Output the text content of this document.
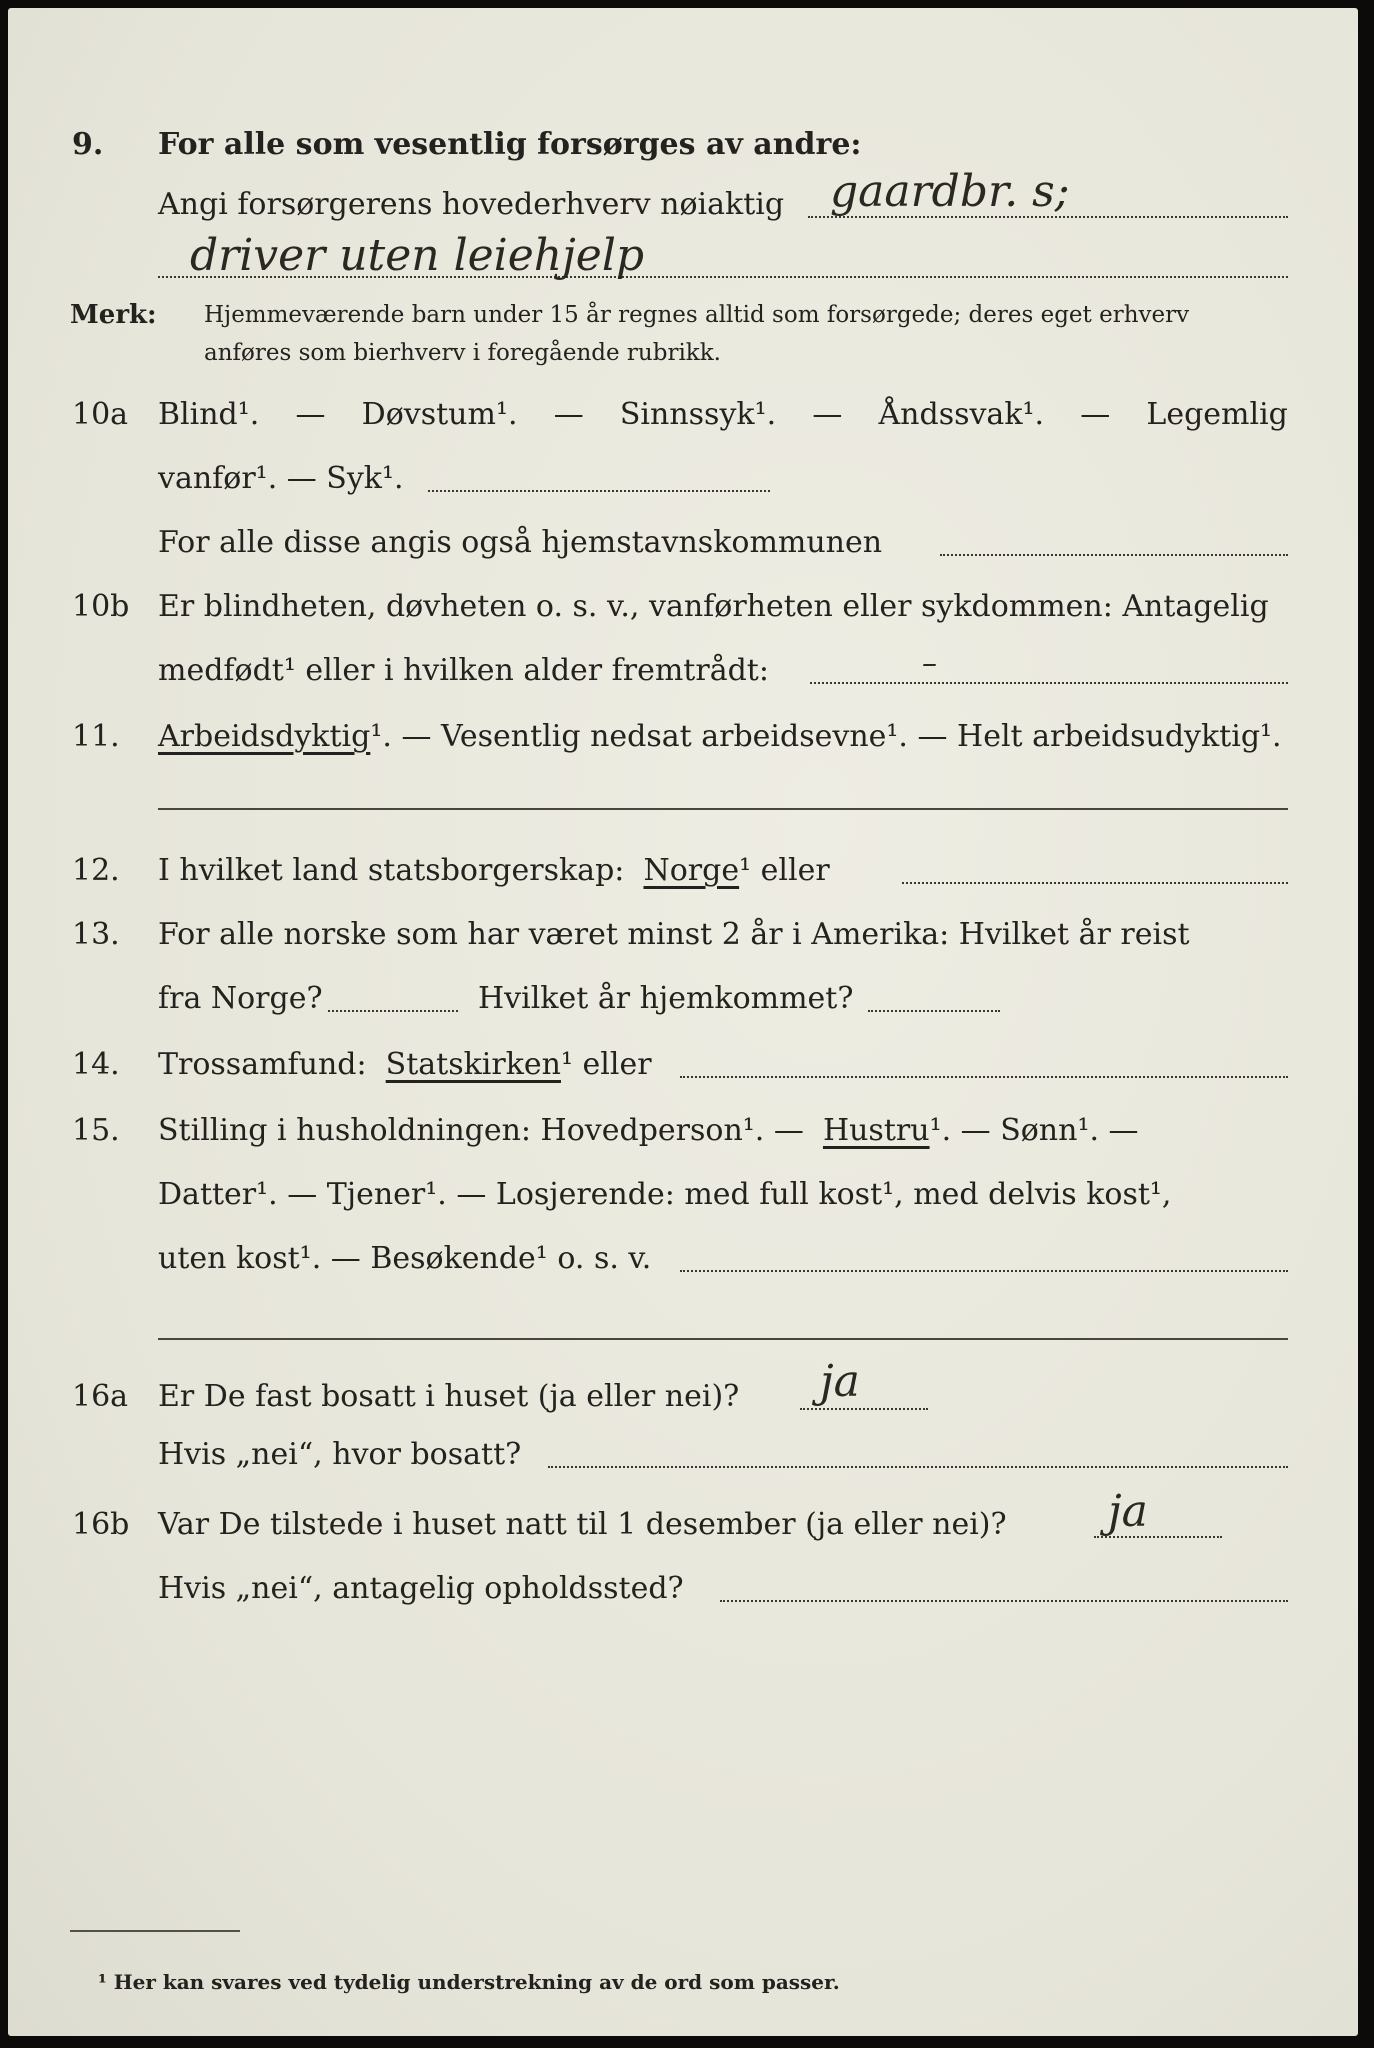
9. For alle som vesentlig forsørges av andre:
Angi forsørgerens hovederhverv nøiaktig gaardbr. s;
driver uten leiehjelp
Merk: Hjemmeværende barn under 15 år regnes alltid som forsørgede; deres eget erhverv
anføres som bierhverv i foregående rubrikk.
10a Blind¹. — Døvstum¹. — Sinnssyk¹. — Åndssvak¹. — Legemlig
vanfør¹. — Syk¹.
For alle disse angis også hjemstavnskommunen
10b Er blindheten, døvheten o. s. v., vanførheten eller sykdommen: Antagelig
medfødt¹ eller i hvilken alder fremtrådt:	–
11. Arbeidsdyktig¹. — Vesentlig nedsat arbeidsevne¹. — Helt arbeidsudyktig¹.
12. I hvilket land statsborgerskap: Norge¹ eller
13. For alle norske som har været minst 2 år i Amerika: Hvilket år reist
fra Norge?	Hvilket år hjemkommet?
14. Trossamfund: Statskirken¹ eller
15. Stilling i husholdningen: Hovedperson¹. — Hustru¹. — Sønn¹. —
Datter¹. — Tjener¹. — Losjerende: med full kost¹, med delvis kost¹,
uten kost¹. — Besøkende¹ o. s. v.
16a Er De fast bosatt i huset (ja eller nei)? ja
Hvis „nei“, hvor bosatt?
16b Var De tilstede i huset natt til 1 desember (ja eller nei)? ja
Hvis „nei“, antagelig opholdssted?
¹ Her kan svares ved tydelig understrekning av de ord som passer.
